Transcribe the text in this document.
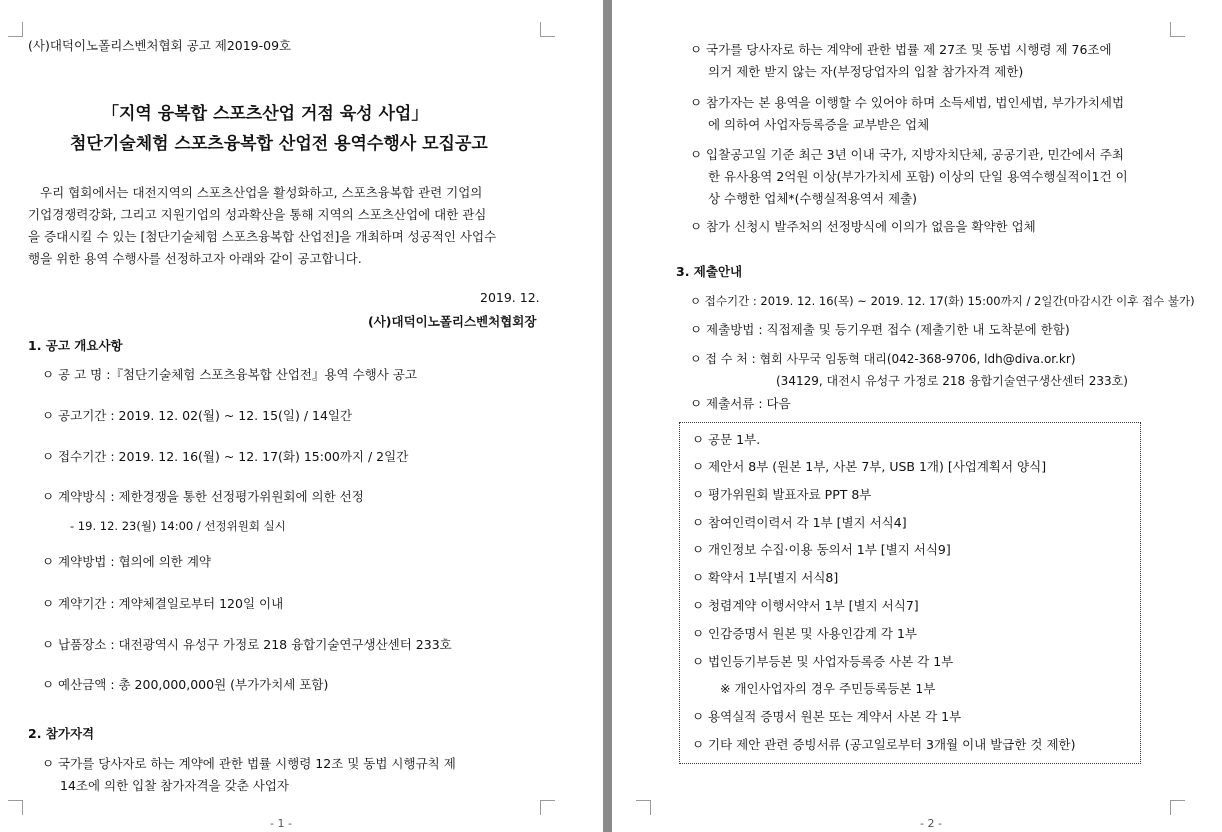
(사)대덕이노폴리스벤처협회 공고 제2019-09호
「지역 융복합 스포츠산업 거점 육성 사업」
첨단기술체험 스포츠융복합 산업전 용역수행사 모집공고
우리 협회에서는 대전지역의 스포츠산업을 활성화하고, 스포츠융복합 관련 기업의
기업경쟁력강화, 그리고 지원기업의 성과확산을 통해 지역의 스포츠산업에 대한 관심
을 증대시킬 수 있는 [첨단기술체험 스포츠융복합 산업전]을 개최하며 성공적인 사업수
행을 위한 용역 수행사를 선정하고자 아래와 같이 공고합니다.
2019. 12.
(사)대덕이노폴리스벤처협회장
1. 공고 개요사항
ㅇ 공 고 명 :『첨단기술체험 스포츠융복합 산업전』용역 수행사 공고
ㅇ 공고기간 : 2019. 12. 02(월) ~ 12. 15(일) / 14일간
ㅇ 접수기간 : 2019. 12. 16(월) ~ 12. 17(화) 15:00까지 / 2일간
ㅇ 계약방식 : 제한경쟁을 통한 선정평가위원회에 의한 선정
- 19. 12. 23(월) 14:00 / 선정위원회 실시
ㅇ 계약방법 : 협의에 의한 계약
ㅇ 계약기간 : 계약체결일로부터 120일 이내
ㅇ 납품장소 : 대전광역시 유성구 가정로 218 융합기술연구생산센터 233호
ㅇ 예산금액 : 총 200,000,000원 (부가가치세 포함)
2. 참가자격
ㅇ 국가를 당사자로 하는 계약에 관한 법률 시행령 12조 및 동법 시행규칙 제
14조에 의한 입찰 참가자격을 갖춘 사업자
- 1 -
ㅇ 국가를 당사자로 하는 계약에 관한 법률 제 27조 및 동법 시행령 제 76조에
의거 제한 받지 않는 자(부정당업자의 입찰 참가자격 제한)
ㅇ 참가자는 본 용역을 이행할 수 있어야 하며 소득세법, 법인세법, 부가가치세법
에 의하여 사업자등록증을 교부받은 업체
ㅇ 입찰공고일 기준 최근 3년 이내 국가, 지방자치단체, 공공기관, 민간에서 주최
한 유사용역 2억원 이상(부가가치세 포함) 이상의 단일 용역수행실적이1건 이
상 수행한 업체*(수행실적용역서 제출)
ㅇ 참가 신청시 발주처의 선정방식에 이의가 없음을 확약한 업체
3. 제출안내
ㅇ 접수기간 : 2019. 12. 16(목) ~ 2019. 12. 17(화) 15:00까지 / 2일간(마감시간 이후 접수 불가)
ㅇ 제출방법 : 직접제출 및 등기우편 접수 (제출기한 내 도착분에 한함)
ㅇ 접 수 처 : 협회 사무국 임동혁 대리(042-368-9706, ldh@diva.or.kr)
(34129, 대전시 유성구 가정로 218 융합기술연구생산센터 233호)
ㅇ 제출서류 : 다음
ㅇ 공문 1부.
ㅇ 제안서 8부 (원본 1부, 사본 7부, USB 1개) [사업계획서 양식]
ㅇ 평가위원회 발표자료 PPT 8부
ㅇ 참여인력이력서 각 1부 [별지 서식4]
ㅇ 개인정보 수집·이용 동의서 1부 [별지 서식9]
ㅇ 확약서 1부[별지 서식8]
ㅇ 청렴계약 이행서약서 1부 [별지 서식7]
ㅇ 인감증명서 원본 및 사용인감계 각 1부
ㅇ 법인등기부등본 및 사업자등록증 사본 각 1부
※ 개인사업자의 경우 주민등록등본 1부
ㅇ 용역실적 증명서 원본 또는 계약서 사본 각 1부
ㅇ 기타 제안 관련 증빙서류 (공고일로부터 3개월 이내 발급한 것 제한)
- 2 -
